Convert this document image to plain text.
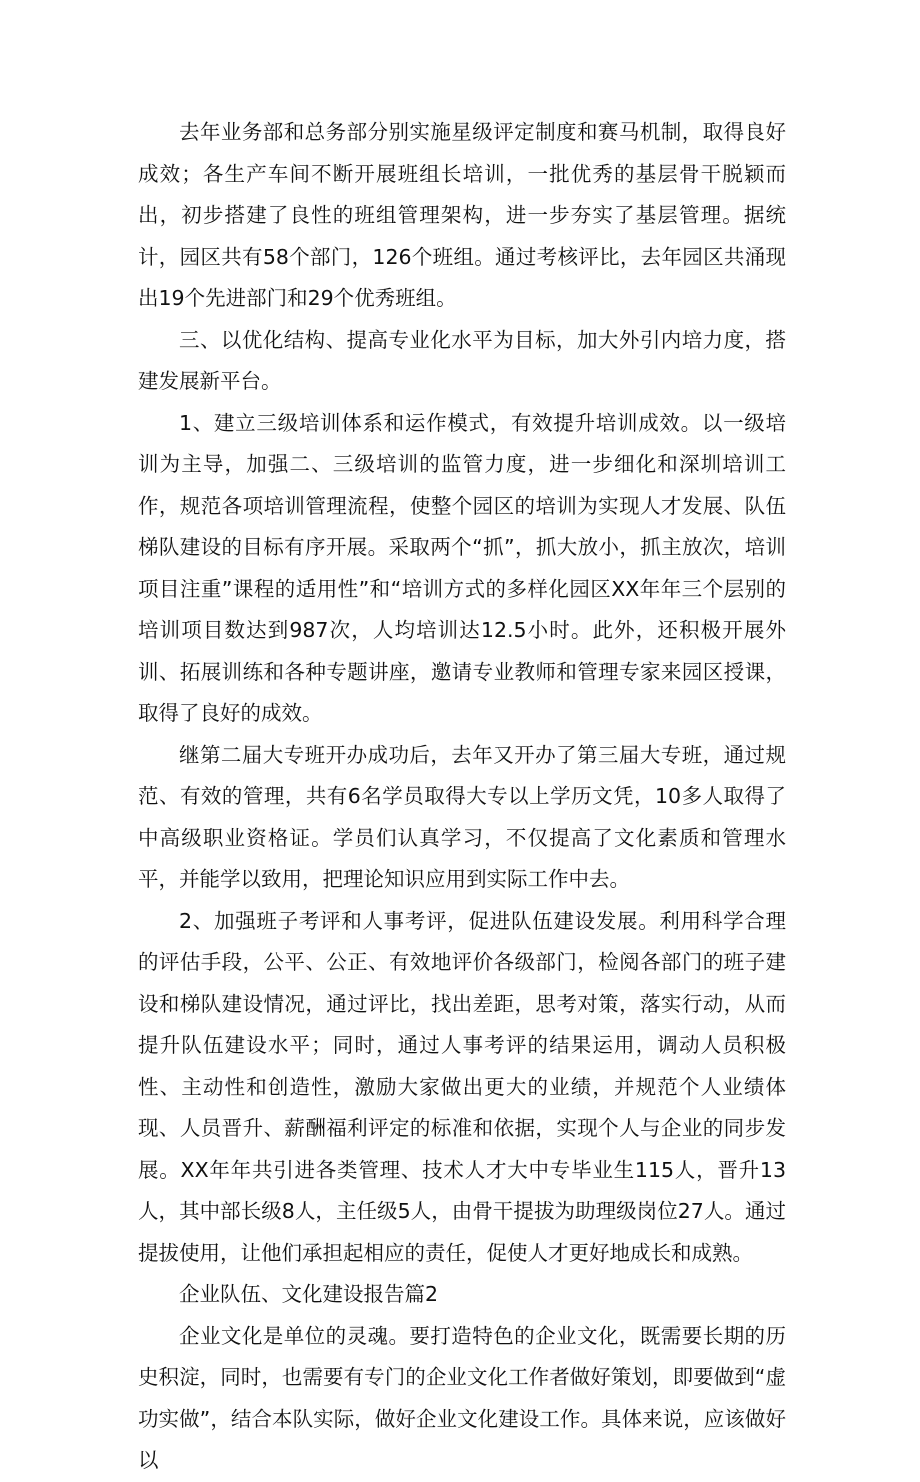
去年业务部和总务部分别实施星级评定制度和赛马机制，取得良好成效；各生产车间不断开展班组长培训，一批优秀的基层骨干脱颖而出，初步搭建了良性的班组管理架构，进一步夯实了基层管理。据统计，园区共有58个部门，126个班组。通过考核评比，去年园区共涌现出19个先进部门和29个优秀班组。

三、以优化结构、提高专业化水平为目标，加大外引内培力度，搭建发展新平台。

1、建立三级培训体系和运作模式，有效提升培训成效。以一级培训为主导，加强二、三级培训的监管力度，进一步细化和深圳培训工作，规范各项培训管理流程，使整个园区的培训为实现人才发展、队伍梯队建设的目标有序开展。采取两个“抓”，抓大放小，抓主放次，培训项目注重”课程的适用性”和“培训方式的多样化园区XX年年三个层别的培训项目数达到987次，人均培训达12.5小时。此外，还积极开展外训、拓展训练和各种专题讲座，邀请专业教师和管理专家来园区授课，取得了良好的成效。

继第二届大专班开办成功后，去年又开办了第三届大专班，通过规范、有效的管理，共有6名学员取得大专以上学历文凭，10多人取得了中高级职业资格证。学员们认真学习，不仅提高了文化素质和管理水平，并能学以致用，把理论知识应用到实际工作中去。

2、加强班子考评和人事考评，促进队伍建设发展。利用科学合理的评估手段，公平、公正、有效地评价各级部门，检阅各部门的班子建设和梯队建设情况，通过评比，找出差距，思考对策，落实行动，从而提升队伍建设水平；同时，通过人事考评的结果运用，调动人员积极性、主动性和创造性，激励大家做出更大的业绩，并规范个人业绩体现、人员晋升、薪酬福利评定的标准和依据，实现个人与企业的同步发展。XX年年共引进各类管理、技术人才大中专毕业生115人，晋升13人，其中部长级8人，主任级5人，由骨干提拔为助理级岗位27人。通过提拔使用，让他们承担起相应的责任，促使人才更好地成长和成熟。

企业队伍、文化建设报告篇2

企业文化是单位的灵魂。要打造特色的企业文化，既需要长期的历史积淀，同时，也需要有专门的企业文化工作者做好策划，即要做到“虚功实做”，结合本队实际，做好企业文化建设工作。具体来说，应该做好以
